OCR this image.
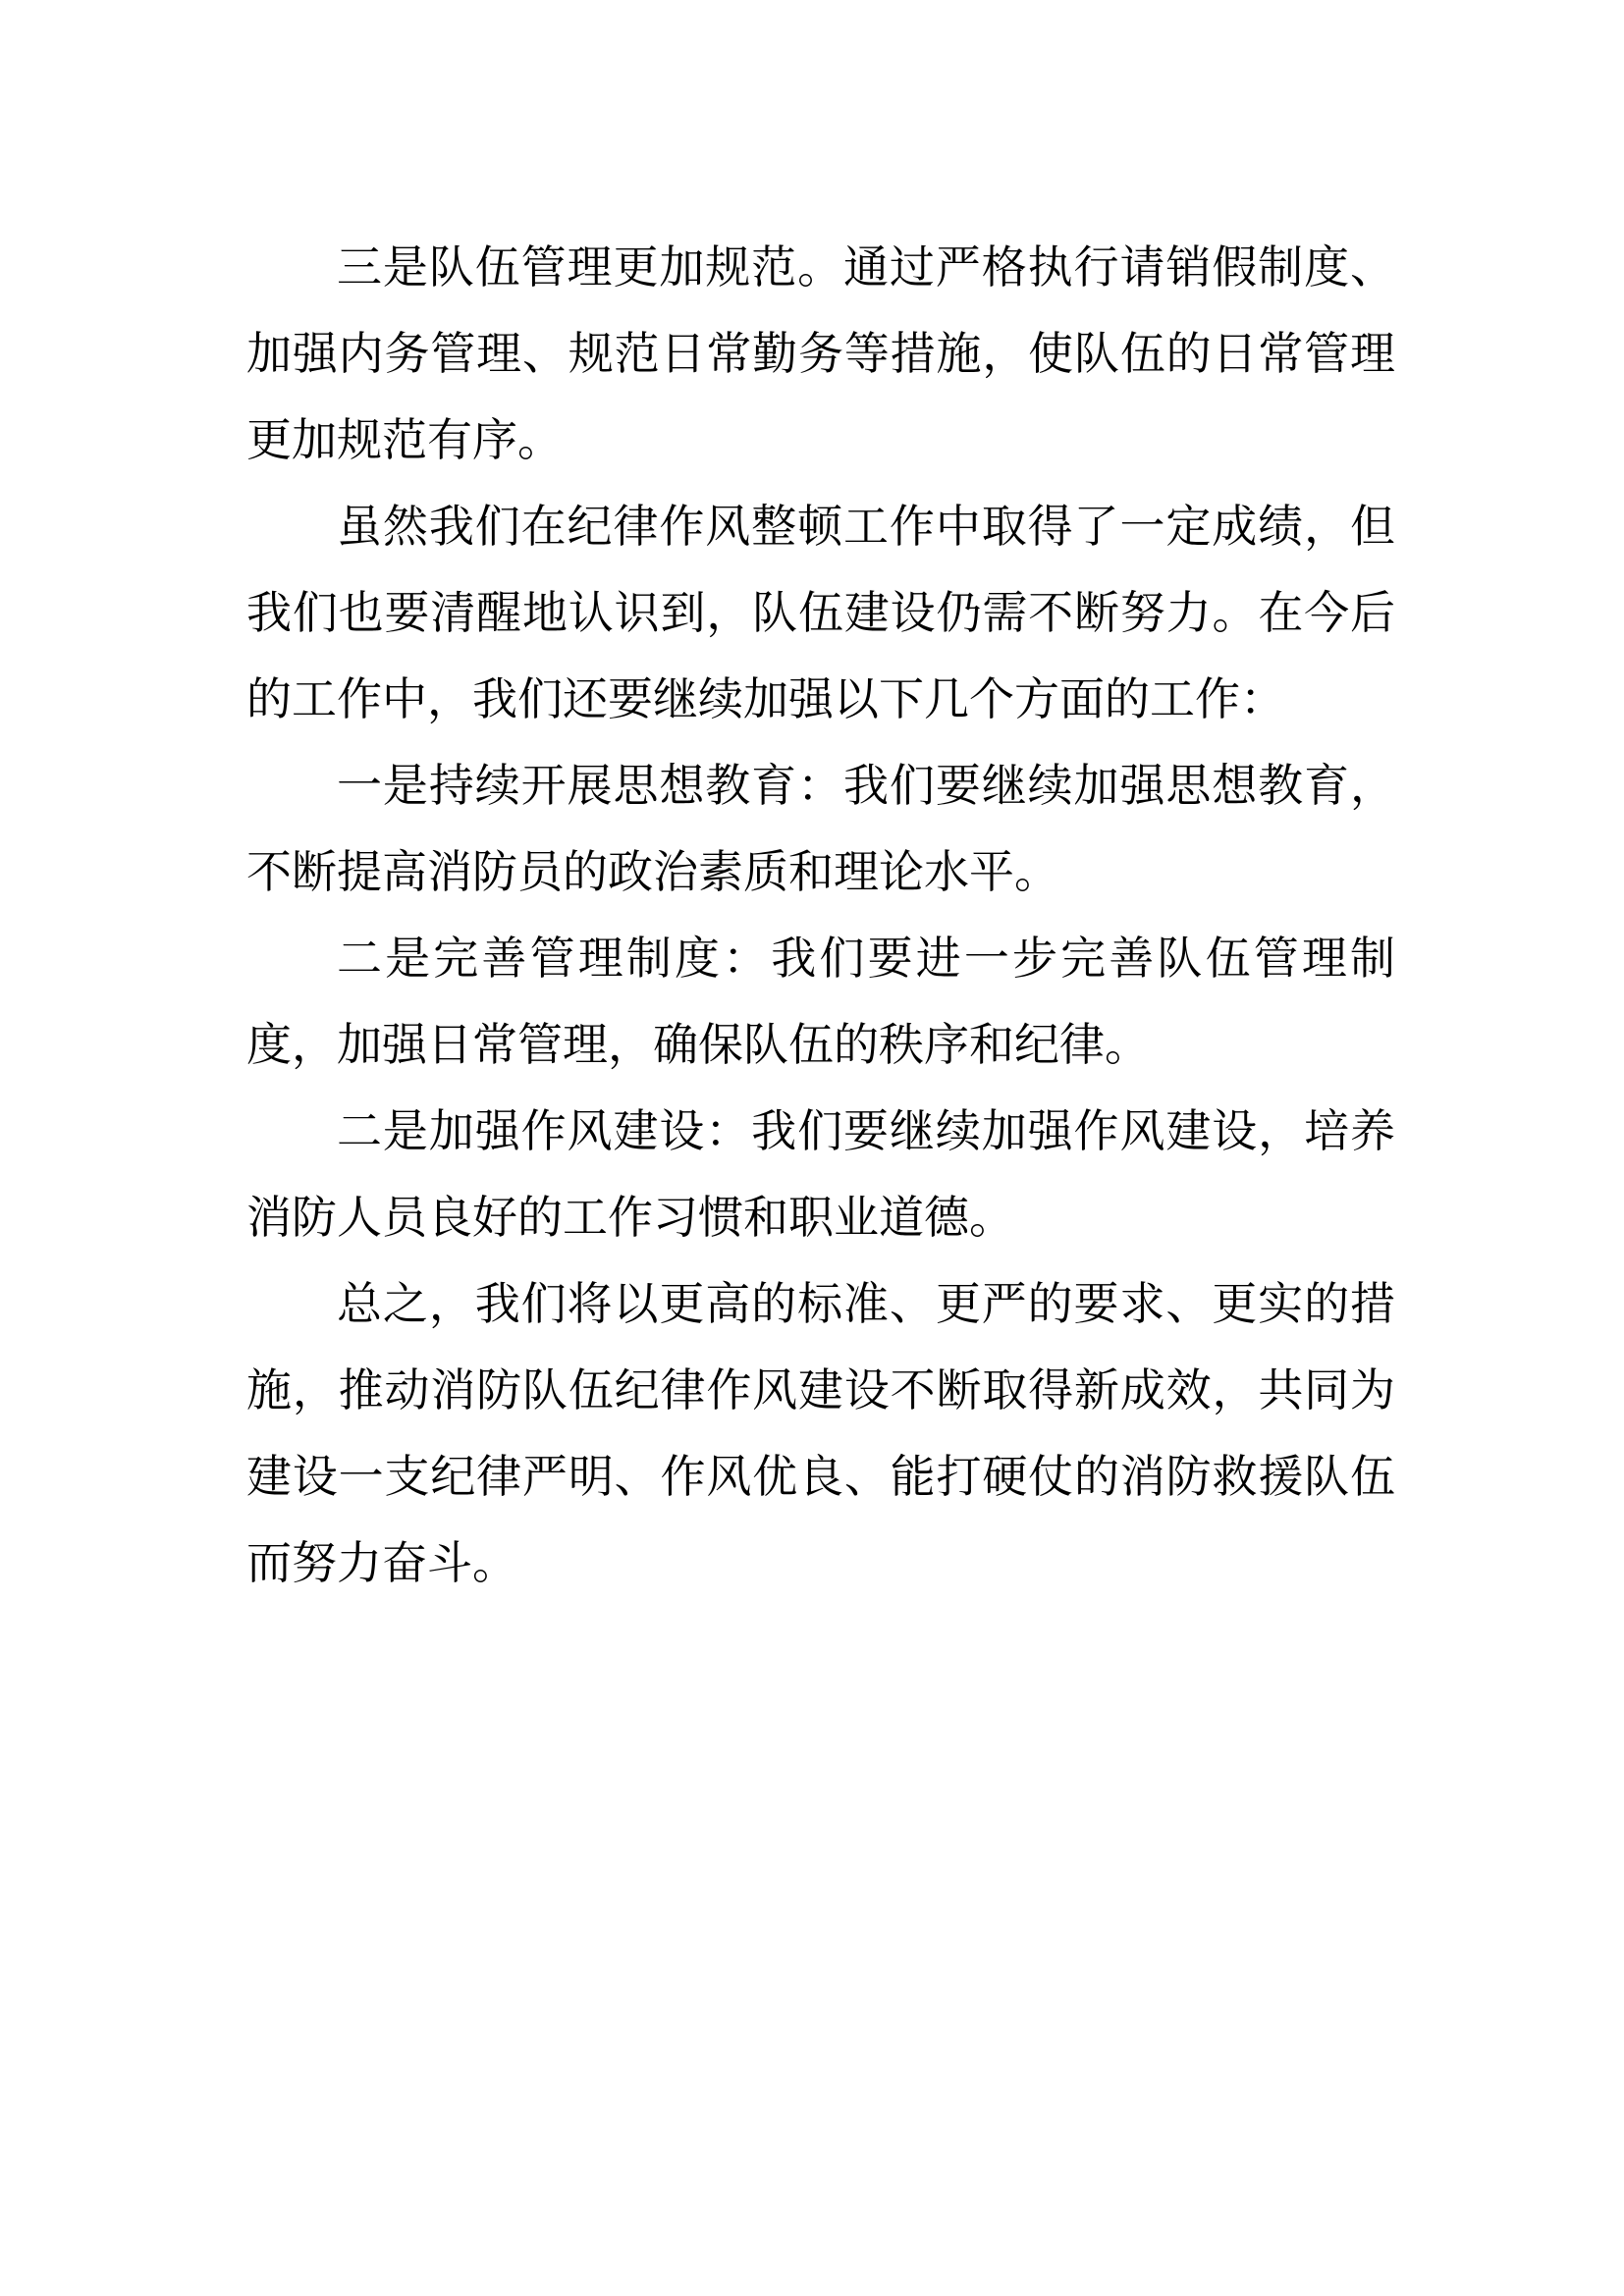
三是队伍管理更加规范。通过严格执行请销假制度、加强内务管理、规范日常勤务等措施，使队伍的日常管理更加规范有序。

虽然我们在纪律作风整顿工作中取得了一定成绩，但我们也要清醒地认识到，队伍建设仍需不断努力。在今后的工作中，我们还要继续加强以下几个方面的工作：

一是持续开展思想教育：我们要继续加强思想教育，不断提高消防员的政治素质和理论水平。

二是完善管理制度：我们要进一步完善队伍管理制度，加强日常管理，确保队伍的秩序和纪律。

二是加强作风建设：我们要继续加强作风建设，培养消防人员良好的工作习惯和职业道德。

总之，我们将以更高的标准、更严的要求、更实的措施，推动消防队伍纪律作风建设不断取得新成效，共同为建设一支纪律严明、作风优良、能打硬仗的消防救援队伍而努力奋斗。
